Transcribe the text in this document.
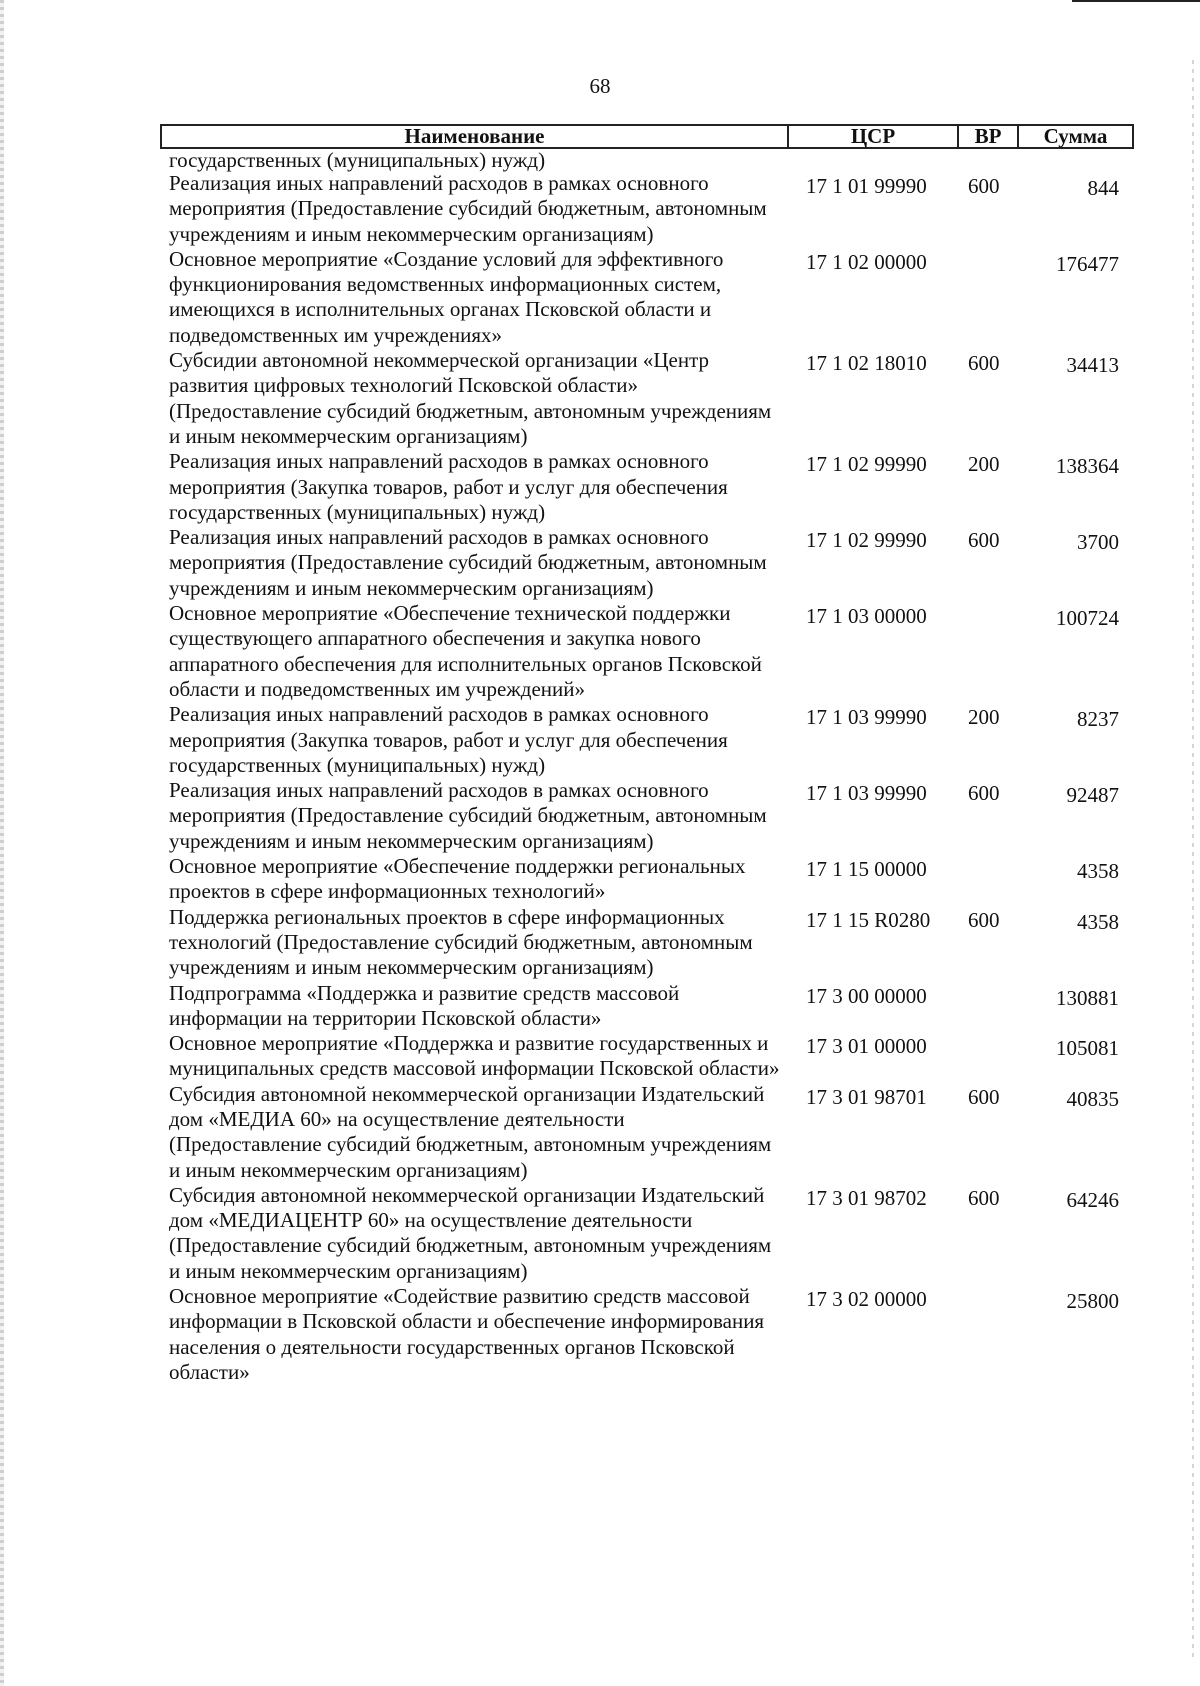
68
Наименование	ЦСР	ВР	Сумма
государственных (муниципальных) нужд)			
Реализация иных направлений расходов в рамках основного мероприятия (Предоставление субсидий бюджетным, автономным учреждениям и иным некоммерческим организациям)	17 1 01 99990	600	844
Основное мероприятие «Создание условий для эффективного функционирования ведомственных информационных систем, имеющихся в исполнительных органах Псковской области и подведомственных им учреждениях»	17 1 02 00000		176477
Субсидии автономной некоммерческой организации «Центр развития цифровых технологий Псковской области» (Предоставление субсидий бюджетным, автономным учреждениям и иным некоммерческим организациям)	17 1 02 18010	600	34413
Реализация иных направлений расходов в рамках основного мероприятия (Закупка товаров, работ и услуг для обеспечения государственных (муниципальных) нужд)	17 1 02 99990	200	138364
Реализация иных направлений расходов в рамках основного мероприятия (Предоставление субсидий бюджетным, автономным учреждениям и иным некоммерческим организациям)	17 1 02 99990	600	3700
Основное мероприятие «Обеспечение технической поддержки существующего аппаратного обеспечения и закупка нового аппаратного обеспечения для исполнительных органов Псковской области и подведомственных им учреждений»	17 1 03 00000		100724
Реализация иных направлений расходов в рамках основного мероприятия (Закупка товаров, работ и услуг для обеспечения государственных (муниципальных) нужд)	17 1 03 99990	200	8237
Реализация иных направлений расходов в рамках основного мероприятия (Предоставление субсидий бюджетным, автономным учреждениям и иным некоммерческим организациям)	17 1 03 99990	600	92487
Основное мероприятие «Обеспечение поддержки региональных проектов в сфере информационных технологий»	17 1 15 00000		4358
Поддержка региональных проектов в сфере информационных технологий (Предоставление субсидий бюджетным, автономным учреждениям и иным некоммерческим организациям)	17 1 15 R0280	600	4358
Подпрограмма «Поддержка и развитие средств массовой информации на территории Псковской области»	17 3 00 00000		130881
Основное мероприятие «Поддержка и развитие государственных и муниципальных средств массовой информации Псковской области»	17 3 01 00000		105081
Субсидия автономной некоммерческой организации Издательский дом «МЕДИА 60» на осуществление деятельности (Предоставление субсидий бюджетным, автономным учреждениям и иным некоммерческим организациям)	17 3 01 98701	600	40835
Субсидия автономной некоммерческой организации Издательский дом «МЕДИАЦЕНТР 60» на осуществление деятельности (Предоставление субсидий бюджетным, автономным учреждениям и иным некоммерческим организациям)	17 3 01 98702	600	64246
Основное мероприятие «Содействие развитию средств массовой информации в Псковской области и обеспечение информирования населения о деятельности государственных органов Псковской области»	17 3 02 00000		25800
